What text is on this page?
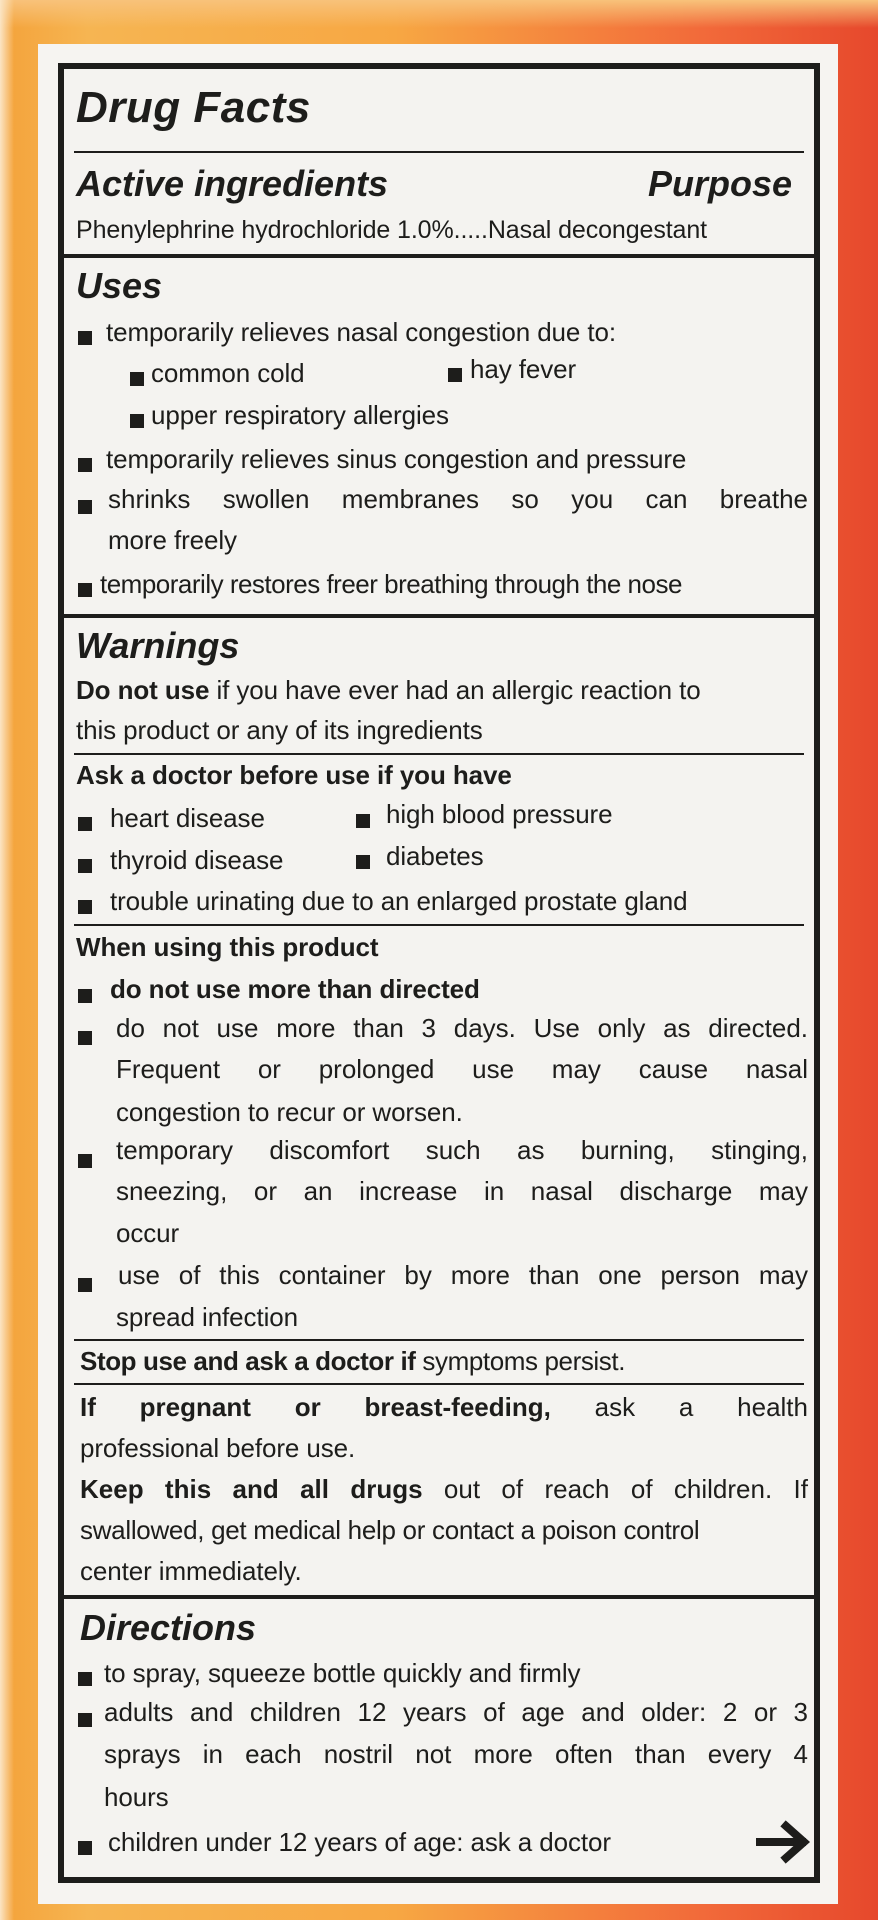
Drug Facts
Active ingredients	Purpose
Phenylephrine hydrochloride 1.0%.....Nasal decongestant
Uses
temporarily relieves nasal congestion due to:
common cold	hay fever
upper respiratory allergies
temporarily relieves sinus congestion and pressure
shrinks swollen membranes so you can breathe
more freely
temporarily restores freer breathing through the nose
Warnings
Do not use if you have ever had an allergic reaction to
this product or any of its ingredients
Ask a doctor before use if you have
heart disease	high blood pressure
thyroid disease	diabetes
trouble urinating due to an enlarged prostate gland
When using this product
do not use more than directed
do not use more than 3 days. Use only as directed.
Frequent or prolonged use may cause nasal
congestion to recur or worsen.
temporary discomfort such as burning, stinging,
sneezing, or an increase in nasal discharge may
occur
use of this container by more than one person may
spread infection
Stop use and ask a doctor if symptoms persist.
If pregnant or breast-feeding, ask a health
professional before use.
Keep this and all drugs out of reach of children. If
swallowed, get medical help or contact a poison control
center immediately.
Directions
to spray, squeeze bottle quickly and firmly
adults and children 12 years of age and older: 2 or 3
sprays in each nostril not more often than every 4
hours
children under 12 years of age: ask a doctor
